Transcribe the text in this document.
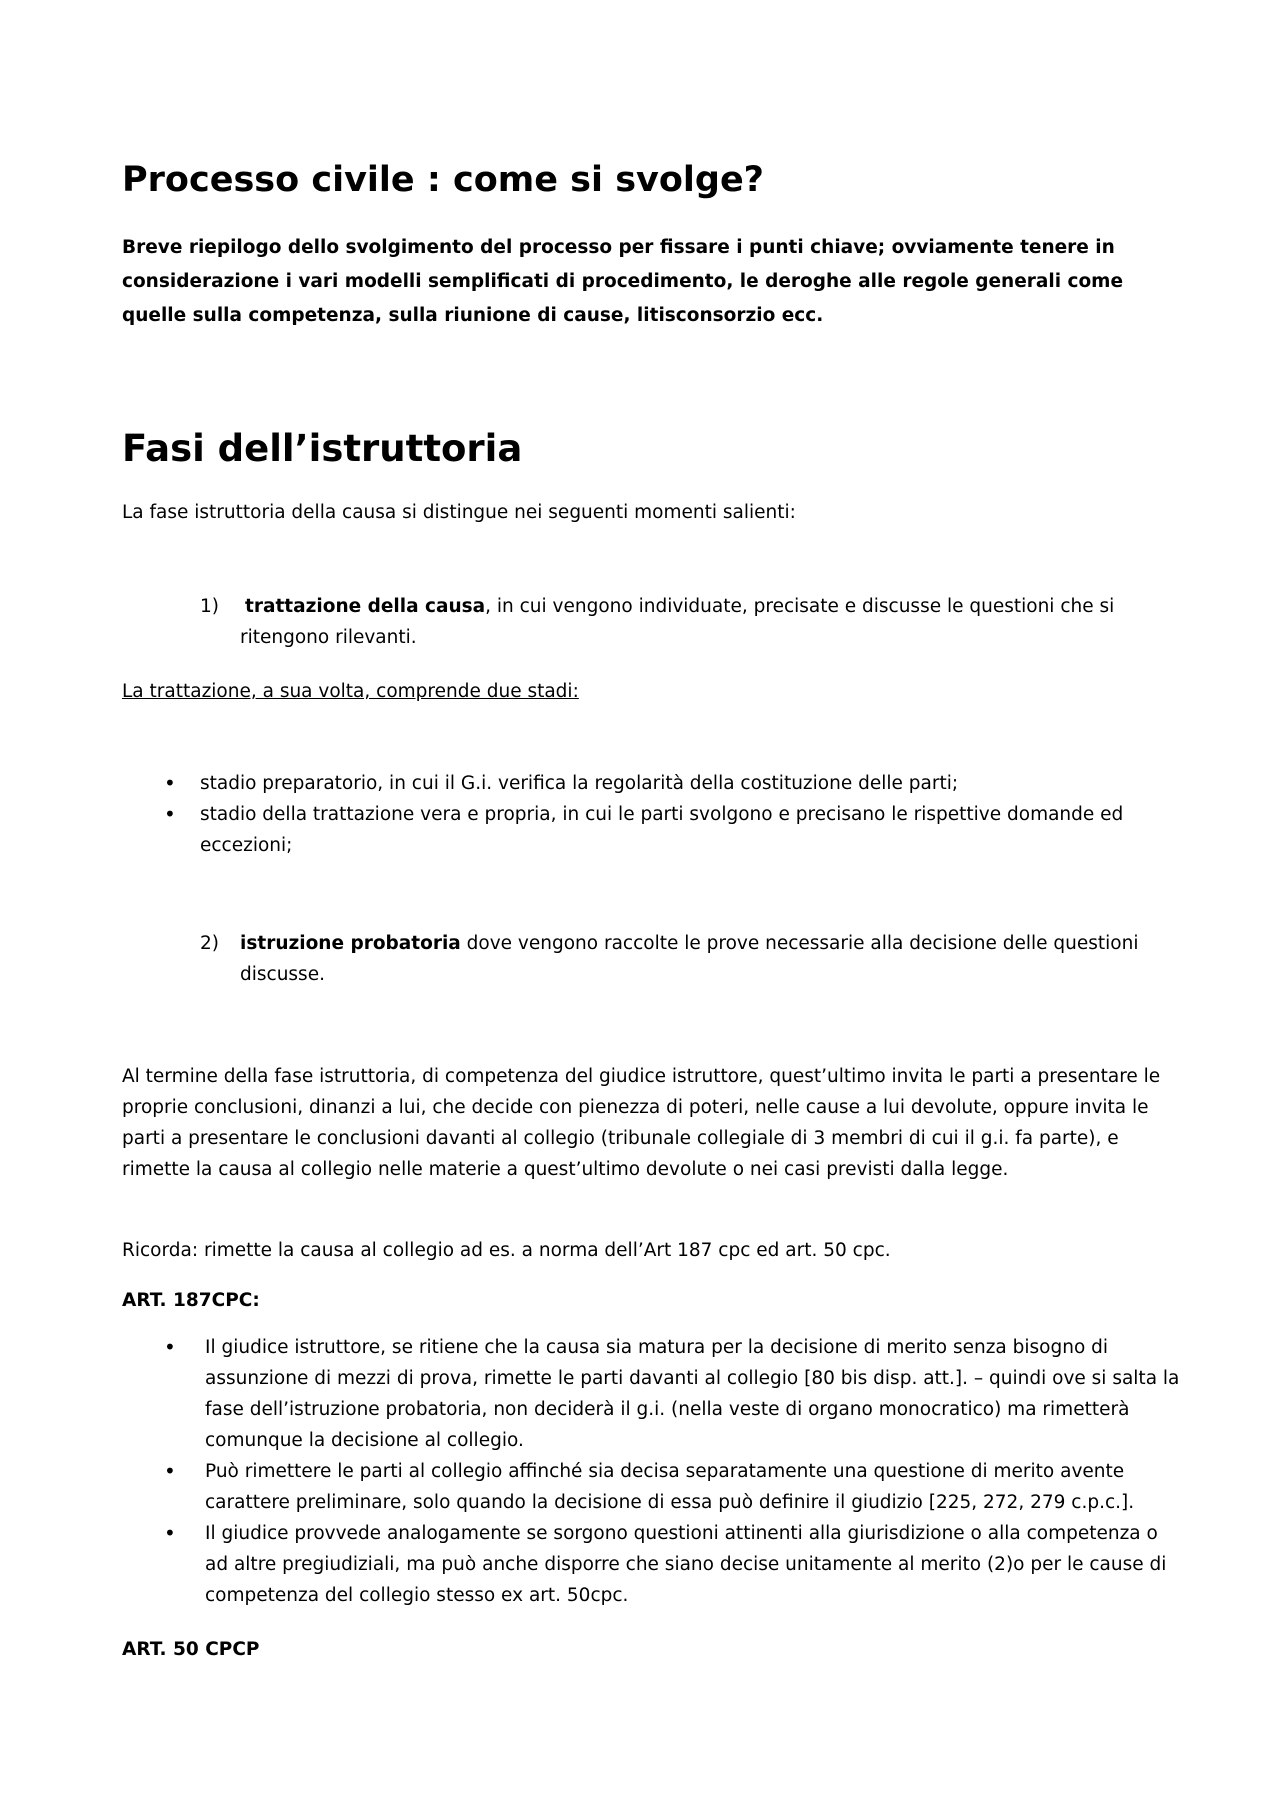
Processo civile : come si svolge?
Breve riepilogo dello svolgimento del processo per fissare i punti chiave; ovviamente tenere in considerazione i vari modelli semplificati di procedimento, le deroghe alle regole generali come quelle sulla competenza, sulla riunione di cause, litisconsorzio ecc.
Fasi dell’istruttoria
La fase istruttoria della causa si distingue nei seguenti momenti salienti:
1)	trattazione della causa, in cui vengono individuate, precisate e discusse le questioni che si ritengono rilevanti.
La trattazione, a sua volta, comprende due stadi:
• stadio preparatorio, in cui il G.i. verifica la regolarità della costituzione delle parti;
• stadio della trattazione vera e propria, in cui le parti svolgono e precisano le rispettive domande ed eccezioni;
2)	istruzione probatoria dove vengono raccolte le prove necessarie alla decisione delle questioni discusse.
Al termine della fase istruttoria, di competenza del giudice istruttore, quest’ultimo invita le parti a presentare le proprie conclusioni, dinanzi a lui, che decide con pienezza di poteri, nelle cause a lui devolute, oppure invita le parti a presentare le conclusioni davanti al collegio (tribunale collegiale di 3 membri di cui il g.i. fa parte), e rimette la causa al collegio nelle materie a quest’ultimo devolute o nei casi previsti dalla legge.
Ricorda: rimette la causa al collegio ad es. a norma dell’Art 187 cpc ed art. 50 cpc.
ART. 187CPC:
• Il giudice istruttore, se ritiene che la causa sia matura per la decisione di merito senza bisogno di assunzione di mezzi di prova, rimette le parti davanti al collegio [80 bis disp. att.]. – quindi ove si salta la fase dell’istruzione probatoria, non deciderà il g.i. (nella veste di organo monocratico) ma rimetterà comunque la decisione al collegio.
• Può rimettere le parti al collegio affinché sia decisa separatamente una questione di merito avente carattere preliminare, solo quando la decisione di essa può definire il giudizio [225, 272, 279 c.p.c.].
• Il giudice provvede analogamente se sorgono questioni attinenti alla giurisdizione o alla competenza o ad altre pregiudiziali, ma può anche disporre che siano decise unitamente al merito (2)o per le cause di competenza del collegio stesso ex art. 50cpc.
ART. 50 CPCP
